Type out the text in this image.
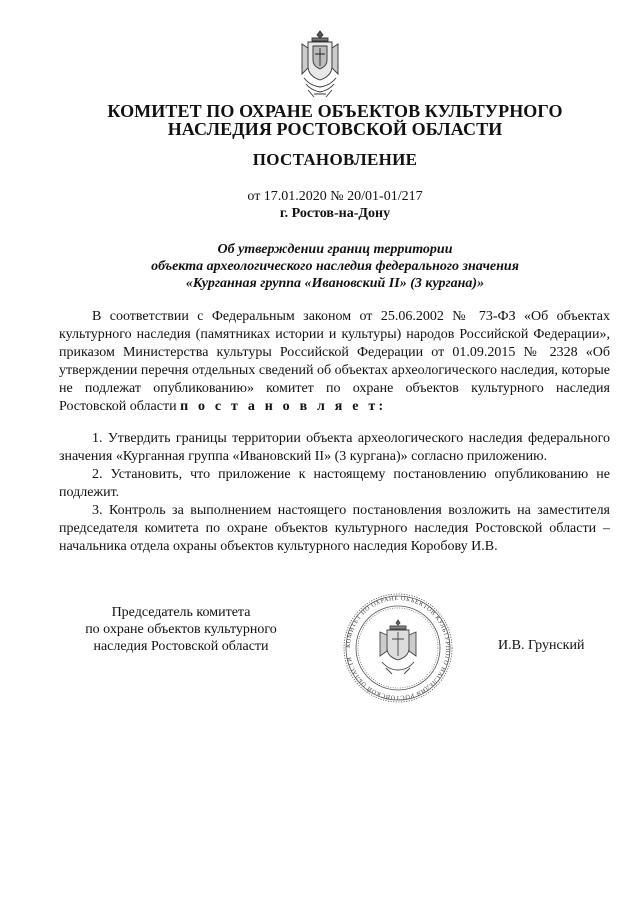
КОМИТЕТ ПО ОХРАНЕ ОБЪЕКТОВ КУЛЬТУРНОГО
НАСЛЕДИЯ РОСТОВСКОЙ ОБЛАСТИ
ПОСТАНОВЛЕНИЕ
от 17.01.2020 № 20/01-01/217
г. Ростов-на-Дону
Об утверждении границ территории
объекта археологического наследия федерального значения
«Курганная группа «Ивановский II» (3 кургана)»

В соответствии с Федеральным законом от 25.06.2002 № 73-ФЗ «Об объектах культурного наследия (памятниках истории и культуры) народов Российской Федерации», приказом Министерства культуры Российской Федерации от 01.09.2015 № 2328 «Об утверждении перечня отдельных сведений об объектах археологического наследия, которые не подлежат опубликованию» комитет по охране объектов культурного наследия Ростовской области п о с т а н о в л я е т:

1. Утвердить границы территории объекта археологического наследия федерального значения «Курганная группа «Ивановский II» (3 кургана)» согласно приложению.

2. Установить, что приложение к настоящему постановлению опубликованию не подлежит.

3. Контроль за выполнением настоящего постановления возложить на заместителя председателя комитета по охране объектов культурного наследия Ростовской области – начальника отдела охраны объектов культурного наследия Коробову И.В.

Председатель комитета
по охране объектов культурного
наследия Ростовской области	КОМИТЕТ ПО ОХРАНЕ ОБЪЕКТОВ КУЛЬТУРНОГО НАСЛЕДИЯ РОСТОВСКОЙ ОБЛАСТИ
И.В. Грунский
